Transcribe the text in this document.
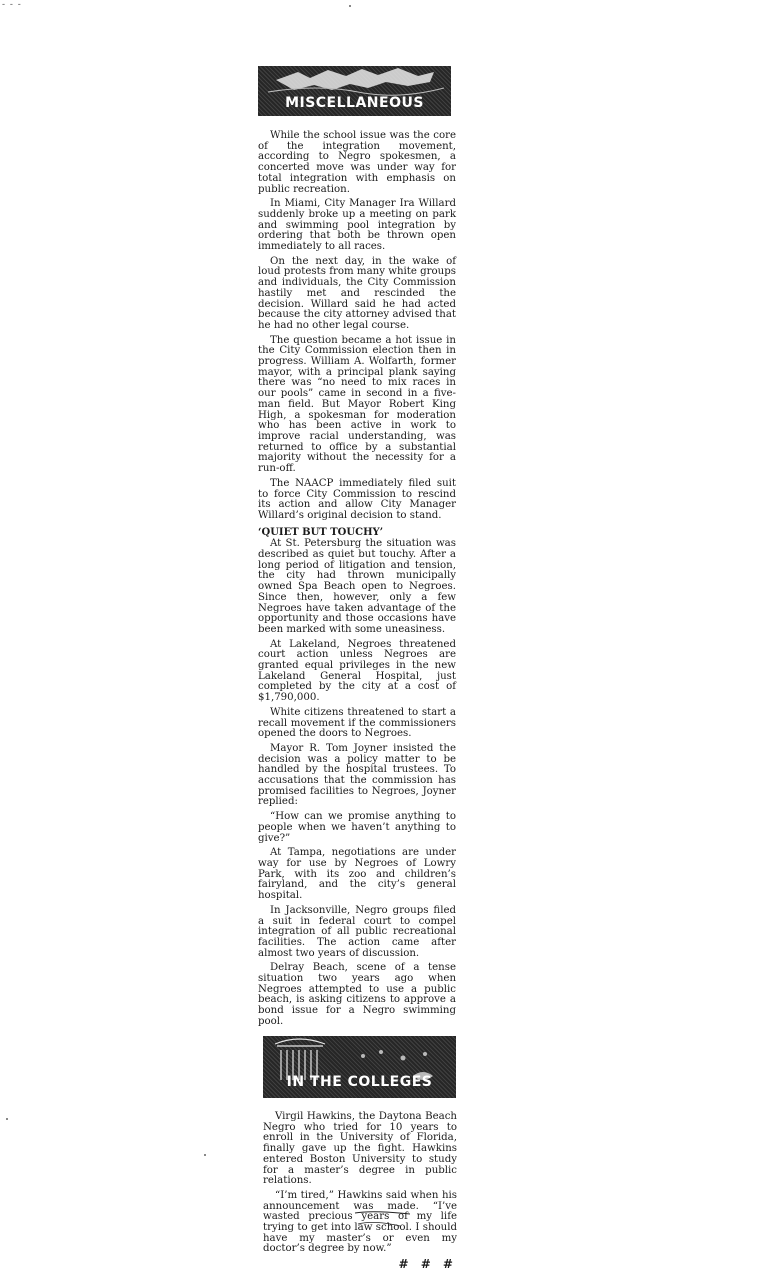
- - -
MISCELLANEOUS

While the school issue was the core of the integration movement, according to Negro spokesmen, a concerted move was under way for total integration with emphasis on public recreation.

In Miami, City Manager Ira Willard suddenly broke up a meeting on park and swimming pool integration by ordering that both be thrown open immediately to all races.

On the next day, in the wake of loud protests from many white groups and individuals, the City Commission hastily met and rescinded the decision. Willard said he had acted because the city attorney advised that he had no other legal course.

The question became a hot issue in the City Commission election then in progress. William A. Wolfarth, former mayor, with a principal plank saying there was “no need to mix races in our pools” came in second in a five-man field. But Mayor Robert King High, a spokesman for moderation who has been active in work to improve racial understanding, was returned to office by a substantial majority without the necessity for a run-off.

The NAACP immediately filed suit to force City Commission to rescind its action and allow City Manager Willard’s original decision to stand.

‘QUIET BUT TOUCHY’

At St. Petersburg the situation was described as quiet but touchy. After a long period of litigation and tension, the city had thrown municipally owned Spa Beach open to Negroes. Since then, however, only a few Negroes have taken advantage of the opportunity and those occasions have been marked with some uneasiness.

At Lakeland, Negroes threatened court action unless Negroes are granted equal privileges in the new Lakeland General Hospital, just completed by the city at a cost of $1,790,000.

White citizens threatened to start a recall movement if the commissioners opened the doors to Negroes.

Mayor R. Tom Joyner insisted the decision was a policy matter to be handled by the hospital trustees. To accusations that the commission has promised facilities to Negroes, Joyner replied:

“How can we promise anything to people when we haven’t anything to give?”

At Tampa, negotiations are under way for use by Negroes of Lowry Park, with its zoo and children’s fairyland, and the city’s general hospital.

In Jacksonville, Negro groups filed a suit in federal court to compel integration of all public recreational facilities. The action came after almost two years of discussion.

Delray Beach, scene of a tense situation two years ago when Negroes attempted to use a public beach, is asking citizens to approve a bond issue for a Negro swimming pool.

IN THE COLLEGES

Virgil Hawkins, the Daytona Beach Negro who tried for 10 years to enroll in the University of Florida, finally gave up the fight. Hawkins entered Boston University to study for a master’s degree in public relations.

“I’m tired,” Hawkins said when his announcement was made. “I’ve wasted precious years of my life trying to get into law school. I should have my master’s or even my doctor’s degree by now.”

# # #
